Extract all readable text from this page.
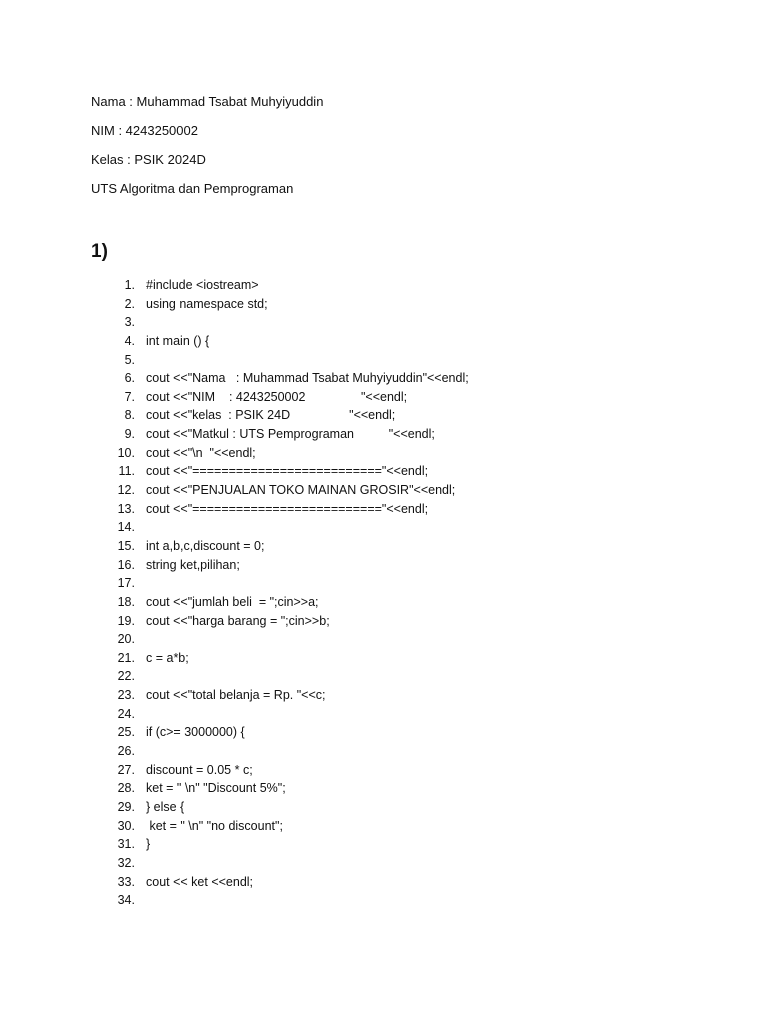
Nama : Muhammad Tsabat Muhyiyuddin
NIM : 4243250002
Kelas : PSIK 2024D
UTS Algoritma dan Pemprograman
1)
1. #include <iostream>
2. using namespace std;
3.
4. int main () {
5.
6. cout <<"Nama   : Muhammad Tsabat Muhyiyuddin"<<endl;
7. cout <<"NIM    : 4243250002                "<<endl;
8. cout <<"kelas  : PSIK 24D                 "<<endl;
9. cout <<"Matkul : UTS Pemprograman          "<<endl;
10. cout <<"\n  "<<endl;
11. cout <<"=========================="<<endl;
12. cout <<"PENJUALAN TOKO MAINAN GROSIR"<<endl;
13. cout <<"=========================="<<endl;
14.
15. int a,b,c,discount = 0;
16. string ket,pilihan;
17.
18. cout <<"jumlah beli  = ";cin>>a;
19. cout <<"harga barang = ";cin>>b;
20.
21. c = a*b;
22.
23. cout <<"total belanja = Rp. "<<c;
24.
25. if (c>= 3000000) {
26.
27. discount = 0.05 * c;
28. ket = " \n" "Discount 5%";
29. } else {
30. ket = " \n" "no discount";
31. }
32.
33. cout << ket <<endl;
34.
